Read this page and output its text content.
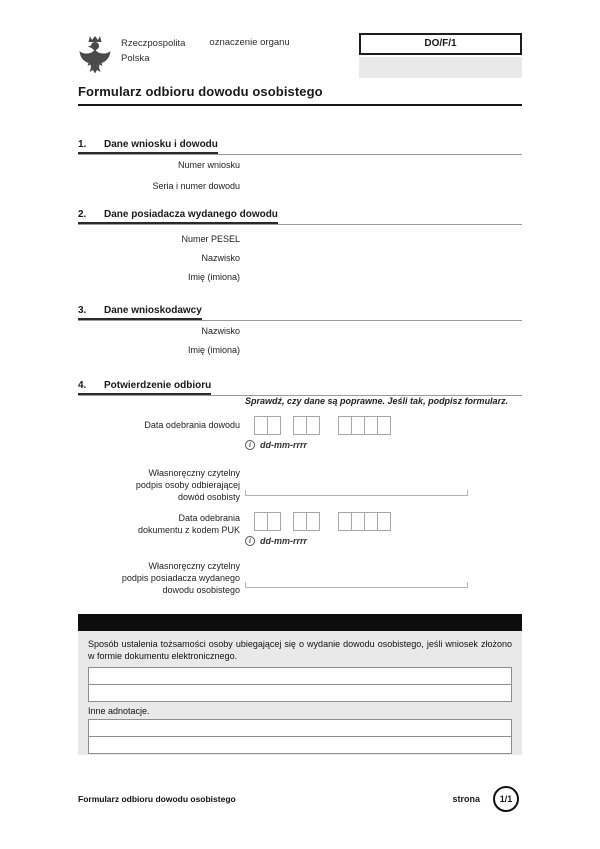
Rzeczpospolita
Polska
oznaczenie organu	DO/F/1
Formularz odbioru dowodu osobistego
1. Dane wniosku i dowodu
Numer wniosku
Seria i numer dowodu
2. Dane posiadacza wydanego dowodu
Numer PESEL
Nazwisko
Imię (imiona)
3. Dane wnioskodawcy
Nazwisko
Imię (imiona)
4. Potwierdzenie odbioru
Sprawdź, czy dane są poprawne. Jeśli tak, podpisz formularz.
Data odebrania dowodu
i	dd-mm-rrrr
Własnoręczny czytelny
podpis osoby odbierającej
dowód osobisty
Data odebrania
dokumentu z kodem PUK
i	dd-mm-rrrr
Własnoręczny czytelny
podpis posiadacza wydanego
dowodu osobistego
Sposób ustalenia tożsamości osoby ubiegającej się o wydanie dowodu osobistego, jeśli wniosek złożono w formie dokumentu elektronicznego.
Inne adnotacje.
Formularz odbioru dowodu osobistego	strona	1/1
